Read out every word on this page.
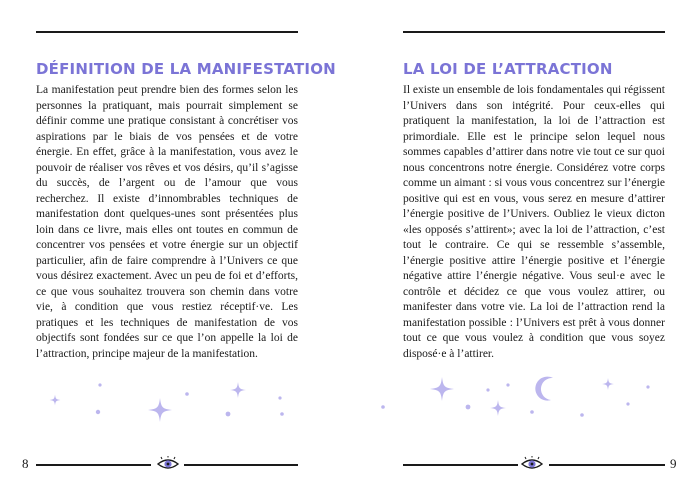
DÉFINITION DE LA MANIFESTATION

La manifestation peut prendre bien des formes selon les personnes la pratiquant, mais pourrait simplement se définir comme une pratique consistant à concrétiser vos aspirations par le biais de vos pensées et de votre énergie. En effet, grâce à la manifestation, vous avez le pouvoir de réaliser vos rêves et vos désirs, qu’il s’agisse du succès, de l’argent ou de l’amour que vous recherchez. Il existe d’innombrables techniques de manifestation dont quelques-unes sont présentées plus loin dans ce livre, mais elles ont toutes en commun de concentrer vos pensées et votre énergie sur un objectif particulier, afin de faire comprendre à l’Univers ce que vous désirez exactement. Avec un peu de foi et d’efforts, ce que vous souhaitez trouvera son chemin dans votre vie, à condition que vous restiez réceptif·ve. Les pratiques et les techniques de manifestation de vos objectifs sont fondées sur ce que l’on appelle la loi de l’attraction, principe majeur de la manifestation.

LA LOI DE L’ATTRACTION

Il existe un ensemble de lois fondamentales qui régissent l’Univers dans son intégrité. Pour ceux-elles qui pratiquent la manifestation, la loi de l’attraction est primordiale. Elle est le principe selon lequel nous sommes capables d’attirer dans notre vie tout ce sur quoi nous concentrons notre énergie. Considérez votre corps comme un aimant : si vous vous concentrez sur l’énergie positive qui est en vous, vous serez en mesure d’attirer l’énergie positive de l’Univers. Oubliez le vieux dicton «les opposés s’attirent»; avec la loi de l’attraction, c’est tout le contraire. Ce qui se ressemble s’assemble, l’énergie positive attire l’énergie positive et l’énergie négative attire l’énergie négative. Vous seul·e avec le contrôle et décidez ce que vous voulez attirer, ou manifester dans votre vie. La loi de l’attraction rend la manifestation possible : l’Univers est prêt à vous donner tout ce que vous voulez à condition que vous soyez disposé·e à l’attirer.

8	9
